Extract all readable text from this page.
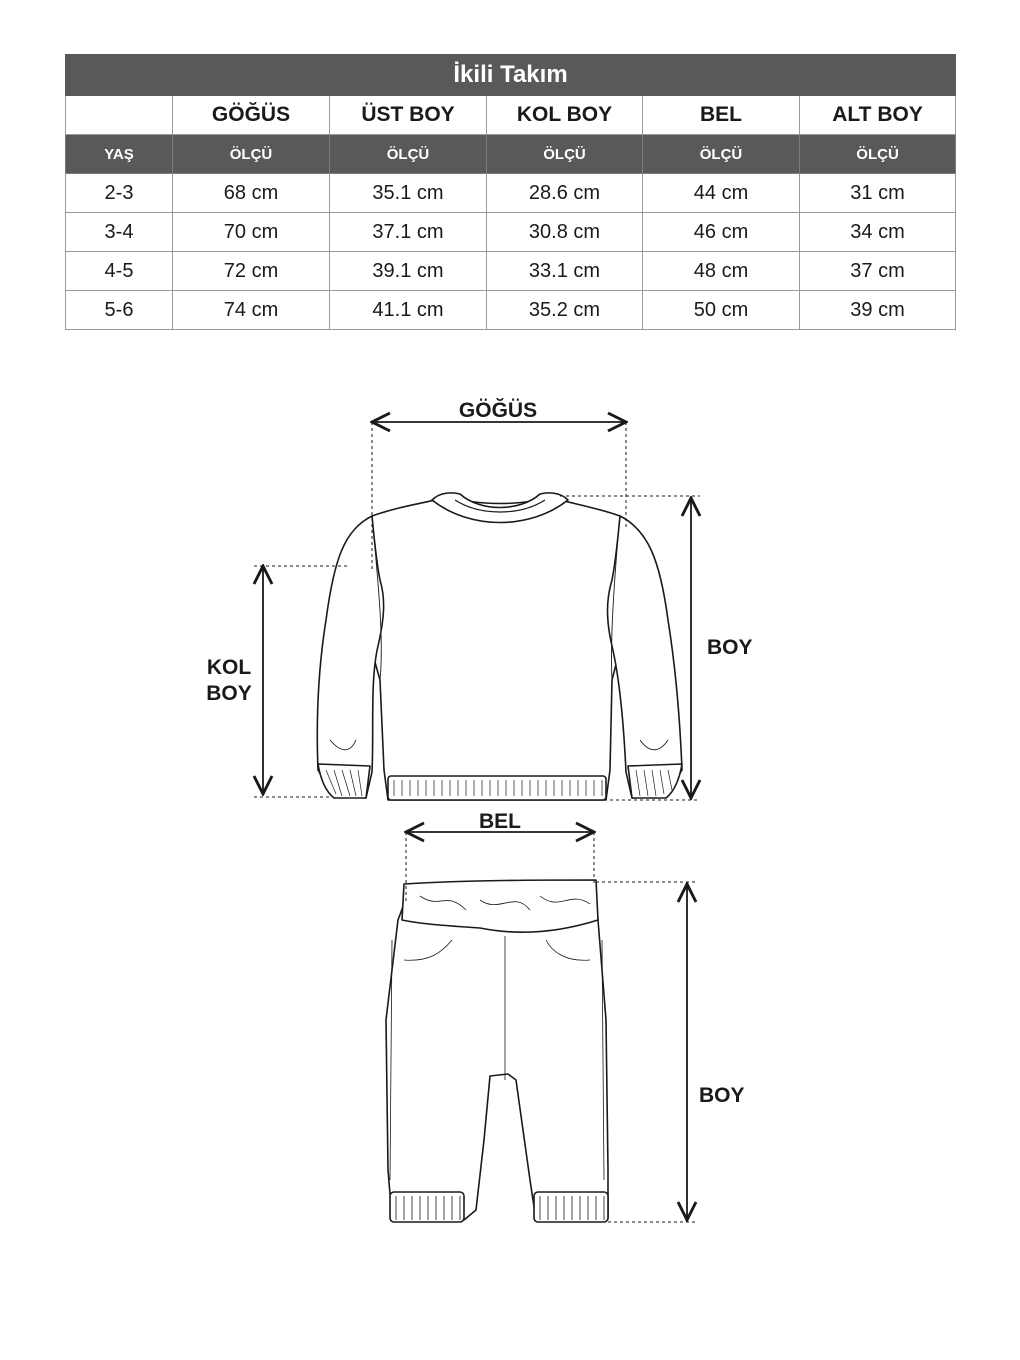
İkili Takım					
	GÖĞÜS	ÜST BOY	KOL BOY	BEL	ALT BOY
YAŞ	ÖLÇÜ	ÖLÇÜ	ÖLÇÜ	ÖLÇÜ	ÖLÇÜ
2-3	68 cm	35.1 cm	28.6 cm	44 cm	31 cm
3-4	70 cm	37.1 cm	30.8 cm	46 cm	34 cm
4-5	72 cm	39.1 cm	33.1 cm	48 cm	37 cm
5-6	74 cm	41.1 cm	35.2 cm	50 cm	39 cm
GÖĞÜS
BOY
KOL
BOY
BEL
BOY
